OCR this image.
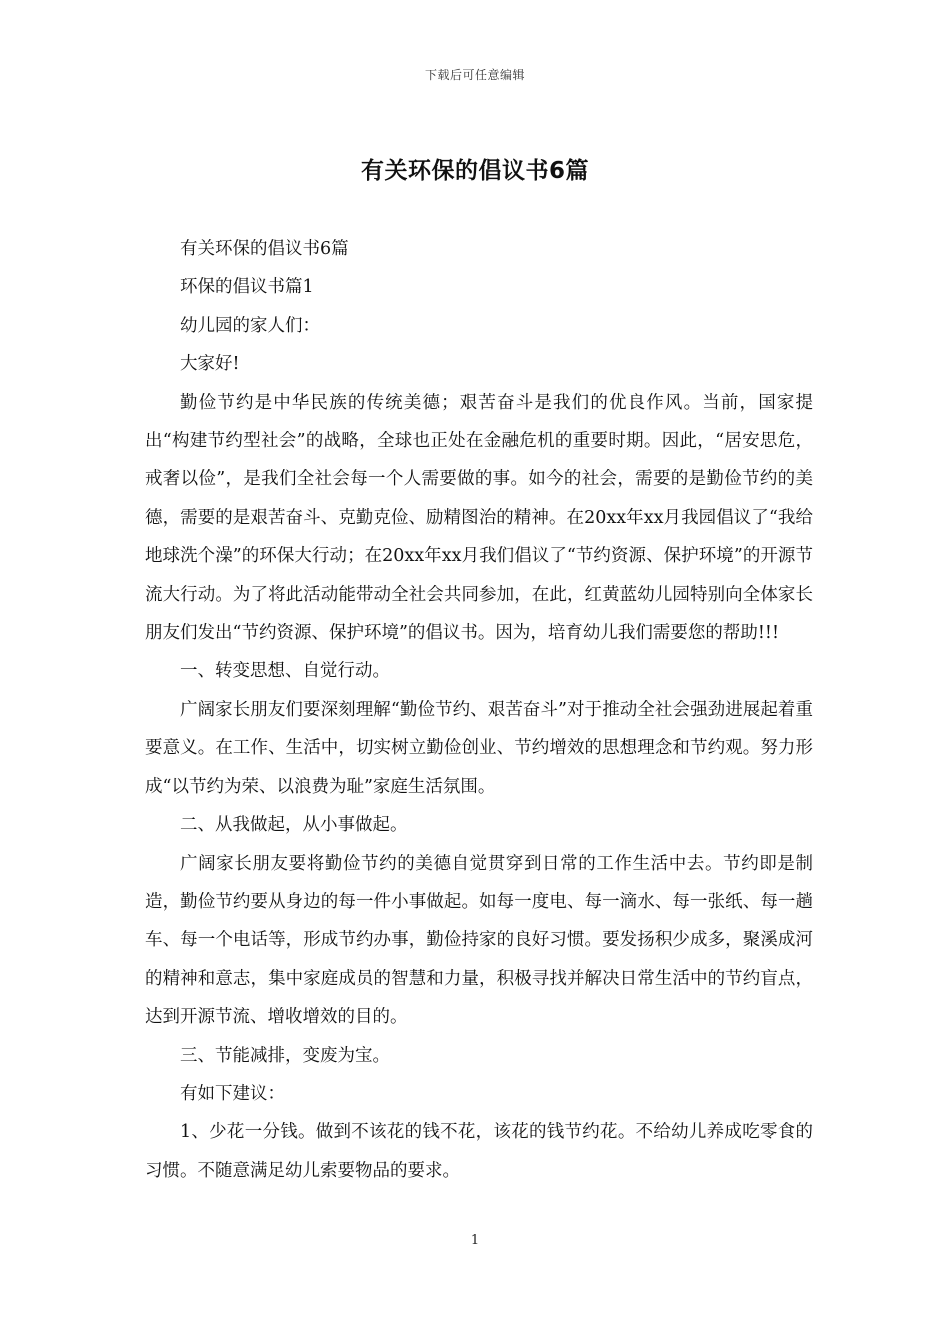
下载后可任意编辑
有关环保的倡议书6篇

有关环保的倡议书6篇

环保的倡议书篇1

幼儿园的家人们：

大家好!

勤俭节约是中华民族的传统美德；艰苦奋斗是我们的优良作风。当前，国家提出“构建节约型社会”的战略，全球也正处在金融危机的重要时期。因此，“居安思危，戒奢以俭”，是我们全社会每一个人需要做的事。如今的社会，需要的是勤俭节约的美德，需要的是艰苦奋斗、克勤克俭、励精图治的精神。在20xx年xx月我园倡议了“我给地球洗个澡”的环保大行动；在20xx年xx月我们倡议了“节约资源、保护环境”的开源节流大行动。为了将此活动能带动全社会共同参加，在此，红黄蓝幼儿园特别向全体家长朋友们发出“节约资源、保护环境”的倡议书。因为，培育幼儿我们需要您的帮助!!!

一、转变思想、自觉行动。

广阔家长朋友们要深刻理解“勤俭节约、艰苦奋斗”对于推动全社会强劲进展起着重要意义。在工作、生活中，切实树立勤俭创业、节约增效的思想理念和节约观。努力形成“以节约为荣、以浪费为耻”家庭生活氛围。

二、从我做起，从小事做起。

广阔家长朋友要将勤俭节约的美德自觉贯穿到日常的工作生活中去。节约即是制造，勤俭节约要从身边的每一件小事做起。如每一度电、每一滴水、每一张纸、每一趟车、每一个电话等，形成节约办事，勤俭持家的良好习惯。要发扬积少成多，聚溪成河的精神和意志，集中家庭成员的智慧和力量，积极寻找并解决日常生活中的节约盲点，达到开源节流、增收增效的目的。

三、节能减排，变废为宝。

有如下建议：

1、少花一分钱。做到不该花的钱不花，该花的钱节约花。不给幼儿养成吃零食的习惯。不随意满足幼儿索要物品的要求。

1
